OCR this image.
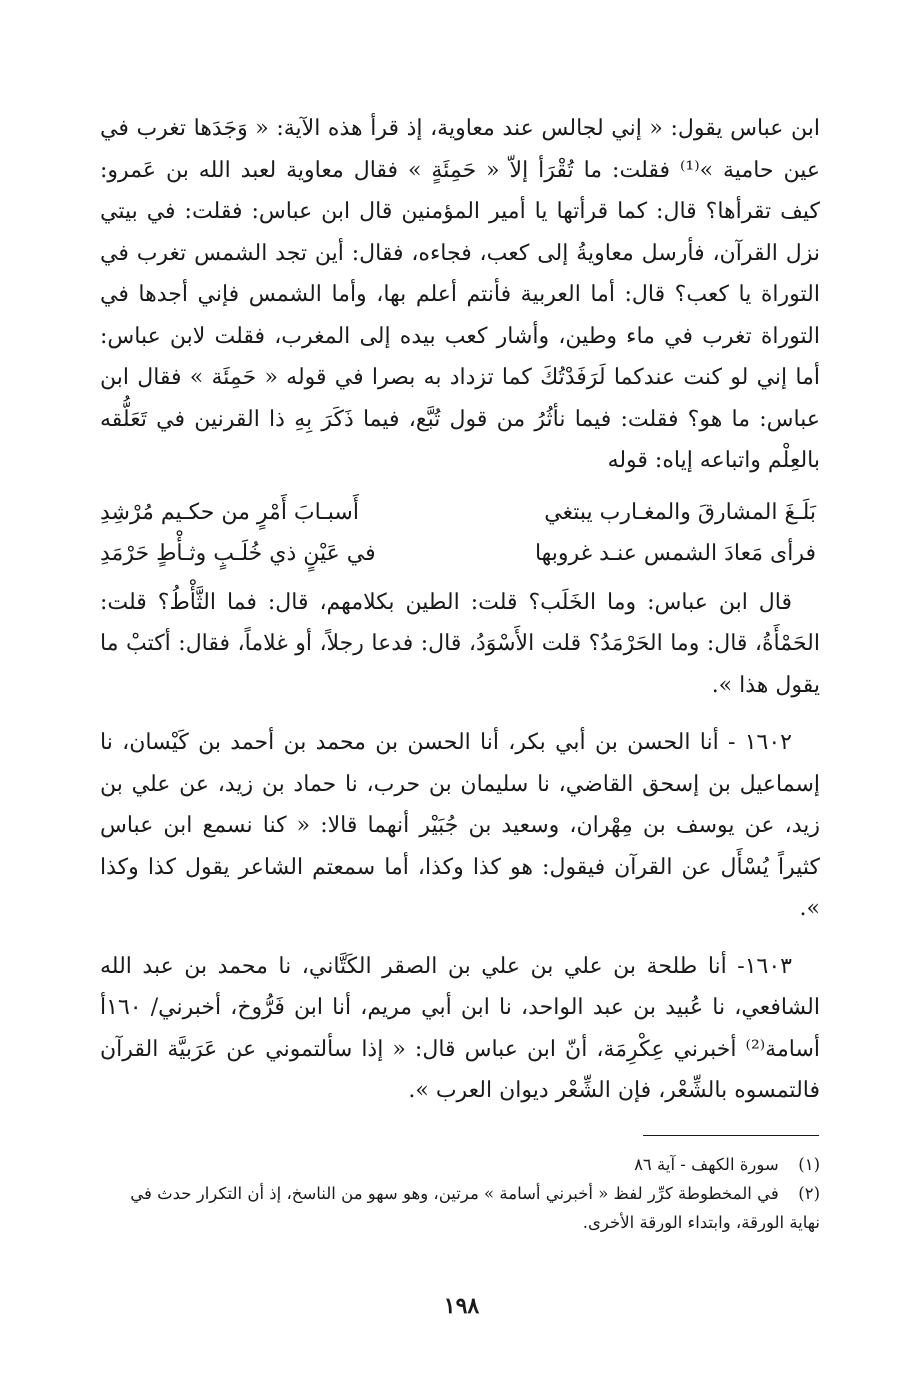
ابن عباس يقول: « إني لجالس عند معاوية، إذ قرأ هذه الآية: « وَجَدَها تغرب في عين حامية »⁽¹⁾ فقلت: ما تُقْرَأ إلاّ « حَمِئَةٍ » فقال معاوية لعبد الله بن عَمرو: كيف تقرأها؟ قال: كما قرأتها يا أمير المؤمنين قال ابن عباس: فقلت: في بيتي نزل القرآن، فأرسل معاويةُ إلى كعب، فجاءه، فقال: أين تجد الشمس تغرب في التوراة يا كعب؟ قال: أما العربية فأنتم أعلم بها، وأما الشمس فإني أجدها في التوراة تغرب في ماء وطين، وأشار كعب بيده إلى المغرب، فقلت لابن عباس: أما إني لو كنت عندكما لَرَفَدْتُكَ كما تزداد به بصرا في قوله « حَمِئَة » فقال ابن عباس: ما هو؟ فقلت: فيما نأثُرُ من قول تُبَّع، فيما ذَكَرَ بِهِ ذا القرنين في تَعَلُّقه بالعِلْم واتباعه إياه: قوله

بَلَـغَ المشارقَ والمغـارب يبتغي
أَسبـابَ أَمْرٍ من حكـيم مُرْشِدِ
فرأى مَعادَ الشمس عنـد غروبها
في عَيْنٍ ذي خُلَـبٍ وثـأْطٍ حَرْمَدِ

قال ابن عباس: وما الخَلَب؟ قلت: الطين بكلامهم، قال: فما الثَّأْطُ؟ قلت: الحَمْأَةُ، قال: وما الحَرْمَدُ؟ قلت الأَسْوَدُ، قال: فدعا رجلاً، أو غلاماً، فقال: أكتبْ ما يقول هذا ».

١٦٠٢ - أنا الحسن بن أبي بكر، أنا الحسن بن محمد بن أحمد بن كَيْسان، نا إسماعيل بن إسحق القاضي، نا سليمان بن حرب، نا حماد بن زيد، عن علي بن زيد، عن يوسف بن مِهْران، وسعيد بن جُبَيْر أنهما قالا: « كنا نسمع ابن عباس كثيراً يُسْأَل عن القرآن فيقول: هو كذا وكذا، أما سمعتم الشاعر يقول كذا وكذا ».

١٦٠٣- أنا طلحة بن علي بن علي بن الصقر الكَتَّاني، نا محمد بن عبد الله الشافعي، نا عُبيد بن عبد الواحد، نا ابن أبي مريم، أنا ابن فَرُّوخ، أخبرني/ ١٦٠أ أسامة⁽²⁾ أخبرني عِكْرِمَة، أنّ ابن عباس قال: « إذا سألتموني عن عَرَبيَّة القرآن فالتمسوه بالشِّعْر، فإن الشِّعْر ديوان العرب ».

(١) سورة الكهف - آية ٨٦

(٢) في المخطوطة كرِّر لفظ « أخبرني أسامة » مرتين، وهو سهو من الناسخ، إذ أن التكرار حدث في نهاية الورقة، وابتداء الورقة الأخرى.

١٩٨
